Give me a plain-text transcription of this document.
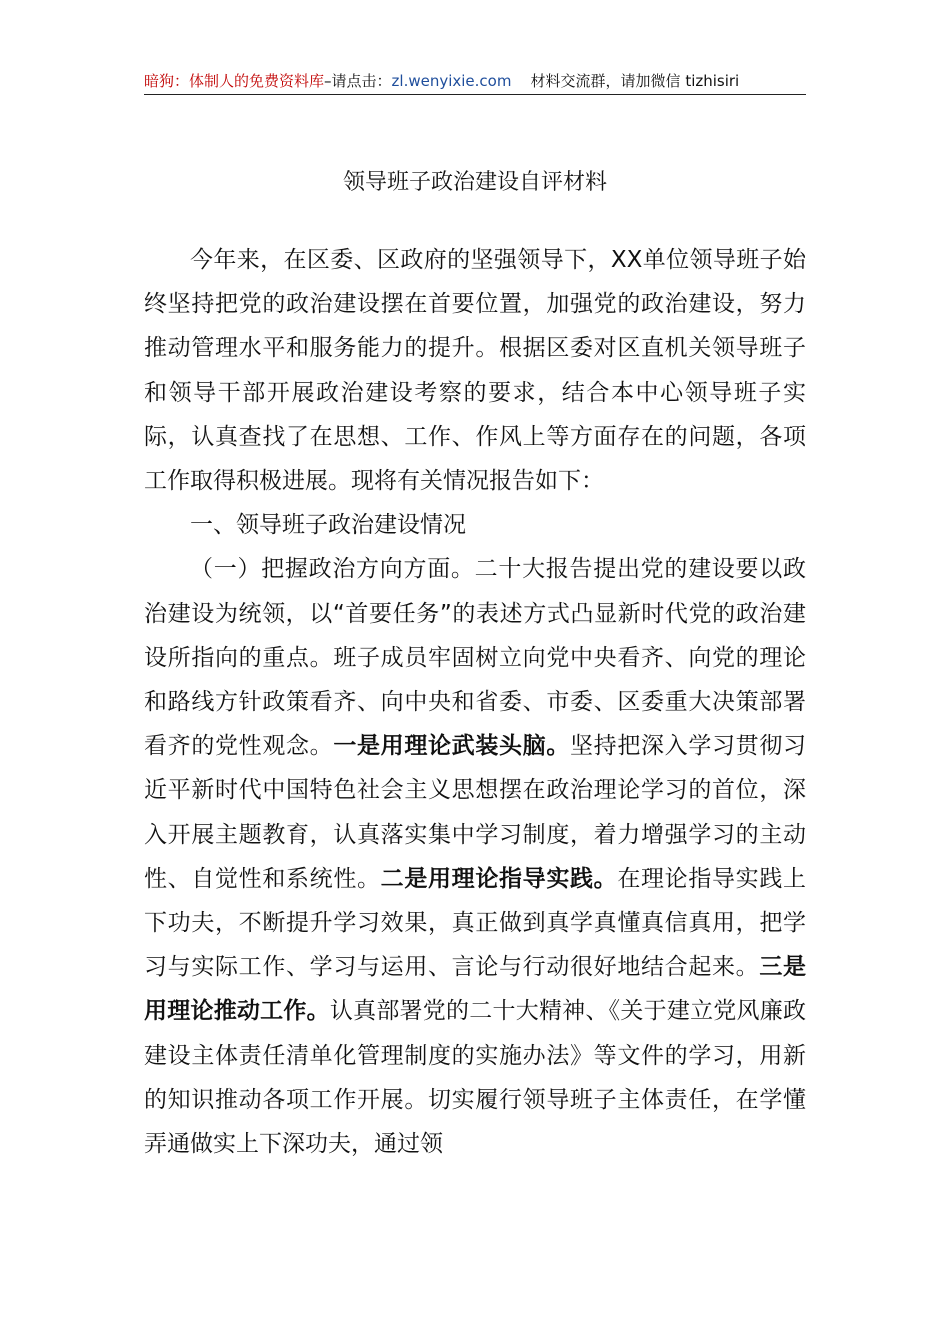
暗狗：体制人的免费资料库–请点击：zl.wenyixie.com 材料交流群，请加微信 tizhisiri
领导班子政治建设自评材料

今年来，在区委、区政府的坚强领导下，XX单位领导班子始终坚持把党的政治建设摆在首要位置，加强党的政治建设，努力推动管理水平和服务能力的提升。根据区委对区直机关领导班子和领导干部开展政治建设考察的要求，结合本中心领导班子实际，认真查找了在思想、工作、作风上等方面存在的问题，各项工作取得积极进展。现将有关情况报告如下：

一、领导班子政治建设情况

（一）把握政治方向方面。二十大报告提出党的建设要以政治建设为统领，以“首要任务”的表述方式凸显新时代党的政治建设所指向的重点。班子成员牢固树立向党中央看齐、向党的理论和路线方针政策看齐、向中央和省委、市委、区委重大决策部署看齐的党性观念。一是用理论武装头脑。坚持把深入学习贯彻习近平新时代中国特色社会主义思想摆在政治理论学习的首位，深入开展主题教育，认真落实集中学习制度，着力增强学习的主动性、自觉性和系统性。二是用理论指导实践。在理论指导实践上下功夫，不断提升学习效果，真正做到真学真懂真信真用，把学习与实际工作、学习与运用、言论与行动很好地结合起来。三是用理论推动工作。认真部署党的二十大精神、《关于建立党风廉政建设主体责任清单化管理制度的实施办法》等文件的学习，用新的知识推动各项工作开展。切实履行领导班子主体责任，在学懂弄通做实上下深功夫，通过领
